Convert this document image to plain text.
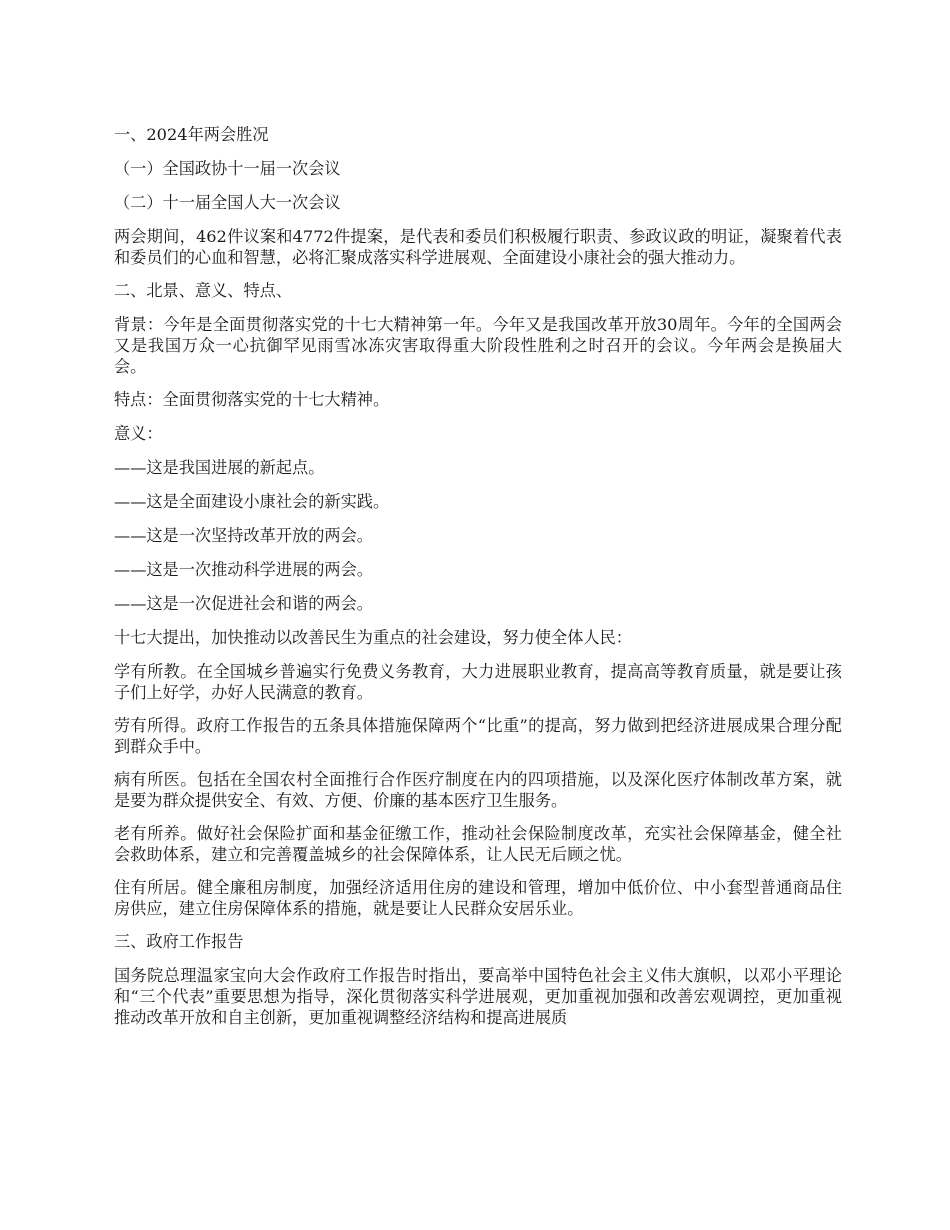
一、2024年两会胜况

（一）全国政协十一届一次会议

（二）十一届全国人大一次会议

两会期间，462件议案和4772件提案，是代表和委员们积极履行职责、参政议政的明证，凝聚着代表和委员们的心血和智慧，必将汇聚成落实科学进展观、全面建设小康社会的强大推动力。

二、北景、意义、特点、

背景：今年是全面贯彻落实党的十七大精神第一年。今年又是我国改革开放30周年。今年的全国两会又是我国万众一心抗御罕见雨雪冰冻灾害取得重大阶段性胜利之时召开的会议。今年两会是换届大会。

特点：全面贯彻落实党的十七大精神。

意义：

——这是我国进展的新起点。

——这是全面建设小康社会的新实践。

——这是一次坚持改革开放的两会。

——这是一次推动科学进展的两会。

——这是一次促进社会和谐的两会。

十七大提出，加快推动以改善民生为重点的社会建设，努力使全体人民：

学有所教。在全国城乡普遍实行免费义务教育，大力进展职业教育，提高高等教育质量，就是要让孩子们上好学，办好人民满意的教育。

劳有所得。政府工作报告的五条具体措施保障两个“比重”的提高，努力做到把经济进展成果合理分配到群众手中。

病有所医。包括在全国农村全面推行合作医疗制度在内的四项措施，以及深化医疗体制改革方案，就是要为群众提供安全、有效、方便、价廉的基本医疗卫生服务。

老有所养。做好社会保险扩面和基金征缴工作，推动社会保险制度改革，充实社会保障基金，健全社会救助体系，建立和完善覆盖城乡的社会保障体系，让人民无后顾之忧。

住有所居。健全廉租房制度，加强经济适用住房的建设和管理，增加中低价位、中小套型普通商品住房供应，建立住房保障体系的措施，就是要让人民群众安居乐业。

三、政府工作报告

国务院总理温家宝向大会作政府工作报告时指出，要高举中国特色社会主义伟大旗帜，以邓小平理论和“三个代表”重要思想为指导，深化贯彻落实科学进展观，更加重视加强和改善宏观调控，更加重视推动改革开放和自主创新，更加重视调整经济结构和提高进展质
